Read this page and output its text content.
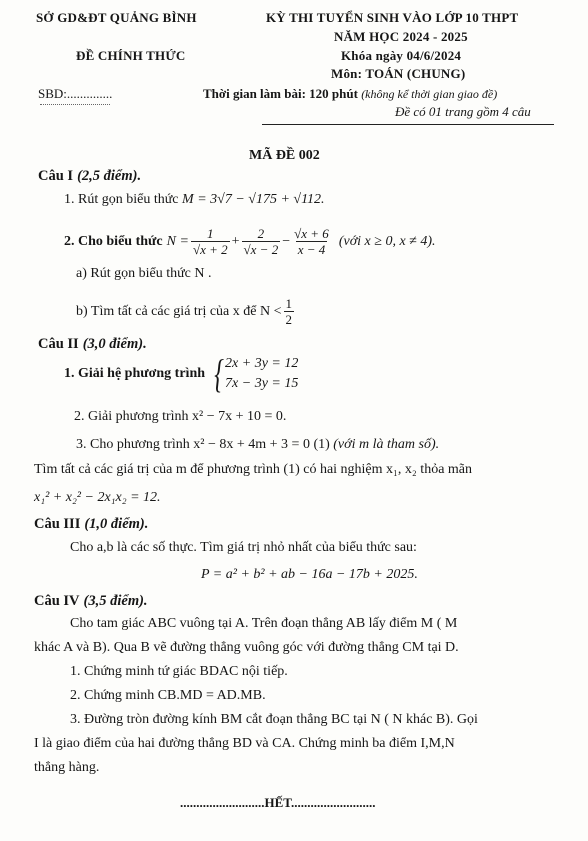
SỞ GD&ĐT QUẢNG BÌNH	KỲ THI TUYỂN SINH VÀO LỚP 10 THPT
NĂM HỌC 2024 - 2025
ĐỀ CHÍNH THỨC	Khóa ngày 04/6/2024
Môn: TOÁN (CHUNG)
SBD:..............	Thời gian làm bài: 120 phút (không kể thời gian giao đề)
Đề có 01 trang gồm 4 câu
MÃ ĐỀ 002
Câu I (2,5 điểm).
1. Rút gọn biểu thức M = 3√7 − √175 + √112.
2. Cho biểu thức $N = \frac{1}{√x + 2} + \frac{2}{√x - 2} - \frac{√x + 6}{x - 4}$ (với x ≥ 0, x ≠ 4).
a) Rút gọn biểu thức N .
b) Tìm tất cả các giá trị của x để $N < \frac{1}{2}$
Câu II (3,0 điểm).
1. Giải hệ phương trình { 2x + 3y = 12
7x − 3y = 15
2. Giải phương trình x² − 7x + 10 = 0.
3. Cho phương trình x² − 8x + 4m + 3 = 0 (1) (với m là tham số).
Tìm tất cả các giá trị của m để phương trình (1) có hai nghiệm x₁, x₂ thỏa mãn
x₁² + x₂² − 2x₁x₂ = 12.
Câu III (1,0 điểm).
Cho a,b là các số thực. Tìm giá trị nhỏ nhất của biểu thức sau:
P = a² + b² + ab − 16a − 17b + 2025.
Câu IV (3,5 điểm).
Cho tam giác ABC vuông tại A. Trên đoạn thẳng AB lấy điểm M ( M
khác A và B). Qua B vẽ đường thẳng vuông góc với đường thẳng CM tại D.
1. Chứng minh tứ giác BDAC nội tiếp.
2. Chứng minh CB.MD = AD.MB.
3. Đường tròn đường kính BM cắt đoạn thẳng BC tại N ( N khác B). Gọi
I là giao điểm của hai đường thẳng BD và CA. Chứng minh ba điểm I,M,N
thẳng hàng.
..........................HẾT..........................
